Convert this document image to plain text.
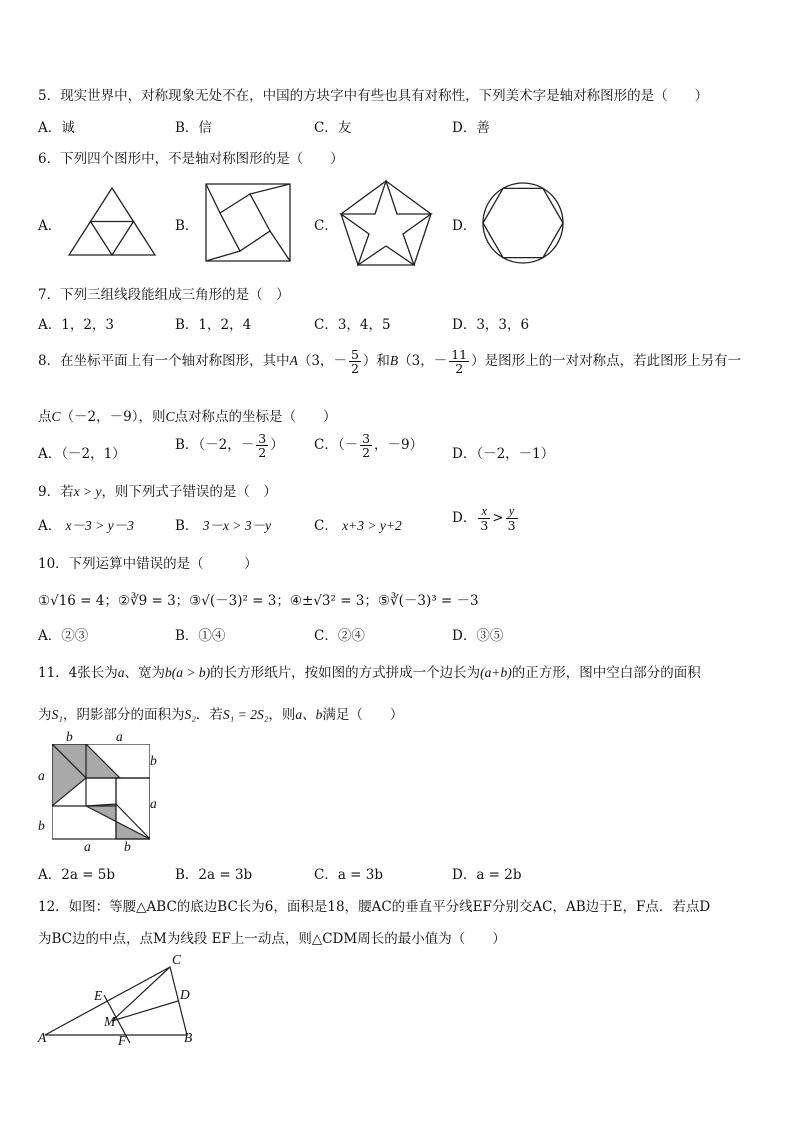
5．现实世界中，对称现象无处不在，中国的方块字中有些也具有对称性，下列美术字是轴对称图形的是（　　）
A．诚	B．信	C．友	D．善
6．下列四个图形中，不是轴对称图形的是（　　）
A．	B．	C．	D．
7．下列三组线段能组成三角形的是（　）
A．1，2，3	B．1，2，4	C．3，4，5	D．3，3，6
8．在坐标平面上有一个轴对称图形，其中A（3，－ $\frac{5}{2}$ ）和B（3，－ $\frac{11}{2}$ ）是图形上的一对对称点，若此图形上另有一
点C（－2，－9），则C点对称点的坐标是（　　）
A．（－2，1）
B．（－2，－ $\frac{3}{2}$ ） C．（－ $\frac{3}{2}$ ，－9）
D．（－2，－1）
9．若x > y，则下列式子错误的是（　）
A． x－3 > y－3	B． 3－x > 3－y	C． x+3 > y+2	D． $\frac{x}{3} > \frac{y}{3}$
10．下列运算中错误的是（　　　）
①√16 = 4；②∛9 = 3；③√(－3)² = 3；④±√3² = 3；⑤∛(－3)³ = －3
A．②③	B．①④	C．②④	D．③⑤
11．4张长为a、宽为b(a > b)的长方形纸片，按如图的方式拼成一个边长为(a+b)的正方形，图中空白部分的面积
为S₁，阴影部分的面积为S₂．若S₁ = 2S₂，则a、b满足（　　）
b	a
a
b
b
a
a b
A．2a = 5b	B．2a = 3b	C．a = 3b	D．a = 2b
12．如图：等腰△ABC的底边BC长为6，面积是18，腰AC的垂直平分线EF分别交AC，AB边于E，F点．若点D
为BC边的中点，点M为线段 EF上一动点，则△CDM周长的最小值为（　　）
C
E	D
M
A	F	B
